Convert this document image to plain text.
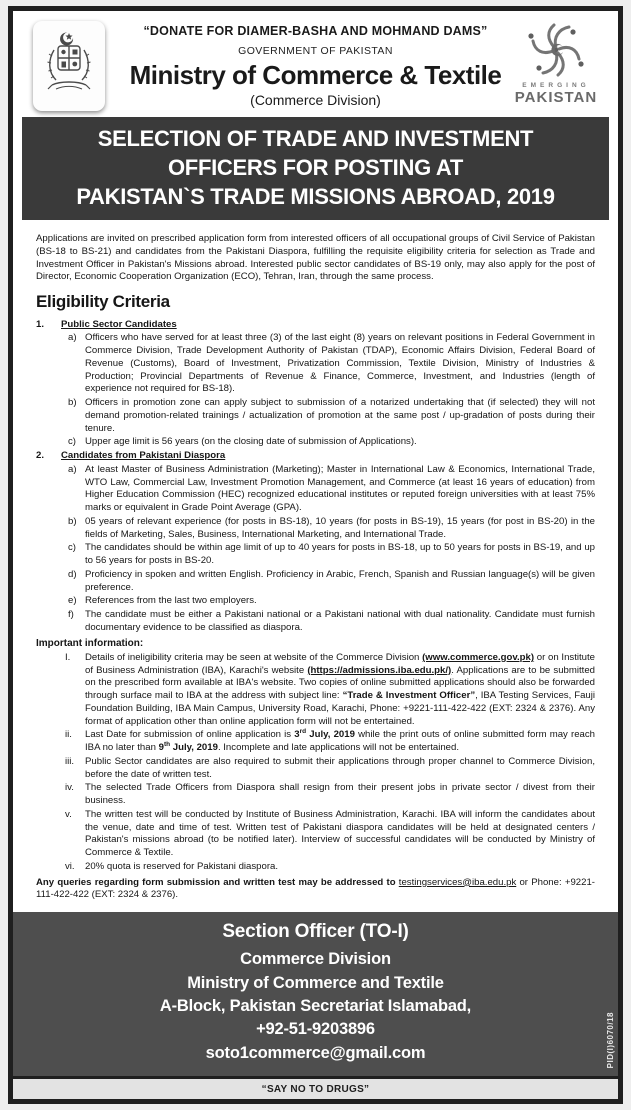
“DONATE FOR DIAMER-BASHA AND MOHMAND DAMS”
GOVERNMENT OF PAKISTAN
Ministry of Commerce & Textile
(Commerce Division)
EMERGING
PAKISTAN
SELECTION OF TRADE AND INVESTMENT
OFFICERS FOR POSTING AT
PAKISTAN`S TRADE MISSIONS ABROAD, 2019

Applications are invited on prescribed application form from interested officers of all occupational groups of Civil Service of Pakistan (BS-18 to BS-21) and candidates from the Pakistani Diaspora, fulfilling the requisite eligibility criteria for selection as Trade and Investment Officer in Pakistan's Missions abroad. Interested public sector candidates of BS-19 only, may also apply for the post of Director, Economic Cooperation Organization (ECO), Tehran, Iran, through the same process.

Eligibility Criteria
1.	Public Sector Candidates
a) Officers who have served for at least three (3) of the last eight (8) years on relevant positions in Federal Government in Commerce Division, Trade Development Authority of Pakistan (TDAP), Economic Affairs Division, Federal Board of Revenue (Customs), Board of Investment, Privatization Commission, Textile Division, Ministry of Industries & Production; Provincial Departments of Revenue & Finance, Commerce, Investment, and Industries (length of experience not required for BS-18).
b) Officers in promotion zone can apply subject to submission of a notarized undertaking that (if selected) they will not demand promotion-related trainings / actualization of promotion at the same post / up-gradation of posts during their tenure.
c) Upper age limit is 56 years (on the closing date of submission of Applications).
2.	Candidates from Pakistani Diaspora
a) At least Master of Business Administration (Marketing); Master in International Law & Economics, International Trade, WTO Law, Commercial Law, Investment Promotion Management, and Commerce (at least 16 years of education) from Higher Education Commission (HEC) recognized educational institutes or reputed foreign universities with at least 75% marks or equivalent in Grade Point Average (GPA).
b) 05 years of relevant experience (for posts in BS-18), 10 years (for posts in BS-19), 15 years (for post in BS-20) in the fields of Marketing, Sales, Business, International Marketing, and International Trade.
c) The candidates should be within age limit of up to 40 years for posts in BS-18, up to 50 years for posts in BS-19, and up to 56 years for posts in BS-20.
d) Proficiency in spoken and written English. Proficiency in Arabic, French, Spanish and Russian language(s) will be given preference.
e) References from the last two employers.
f)	The candidate must be either a Pakistani national or a Pakistani national with dual nationality. Candidate must furnish documentary evidence to be classified as diaspora.
Important information:
I.	Details of ineligibility criteria may be seen at website of the Commerce Division (www.commerce.gov.pk) or on Institute of Business Administration (IBA), Karachi's website (https://admissions.iba.edu.pk/). Applications are to be submitted on the prescribed form available at IBA's website. Two copies of online submitted applications should also be forwarded through surface mail to IBA at the address with subject line: “Trade & Investment Officer”, IBA Testing Services, Fauji Foundation Building, IBA Main Campus, University Road, Karachi, Phone: +9221-111-422-422 (EXT: 2324 & 2376). Any format of application other than online application form will not be entertained.
ii.	Last Date for submission of online application is 3rd July, 2019 while the print outs of online submitted form may reach IBA no later than 9th July, 2019. Incomplete and late applications will not be entertained.
iii.	Public Sector candidates are also required to submit their applications through proper channel to Commerce Division, before the date of written test.
iv.	The selected Trade Officers from Diaspora shall resign from their present jobs in private sector / divest from their business.
v.	The written test will be conducted by Institute of Business Administration, Karachi. IBA will inform the candidates about the venue, date and time of test. Written test of Pakistani diaspora candidates will be held at designated centers / Pakistan's missions abroad (to be notified later). Interview of successful candidates will be conducted by Ministry of Commerce & Textile.
vi.	20% quota is reserved for Pakistani diaspora.

Any queries regarding form submission and written test may be addressed to testingservices@iba.edu.pk or Phone: +9221-111-422-422 (EXT: 2324 & 2376).

Section Officer (TO-I)
Commerce Division
Ministry of Commerce and Textile
A-Block, Pakistan Secretariat Islamabad,
+92-51-9203896
soto1commerce@gmail.com	PID(I)6070/18
“SAY NO TO DRUGS”
